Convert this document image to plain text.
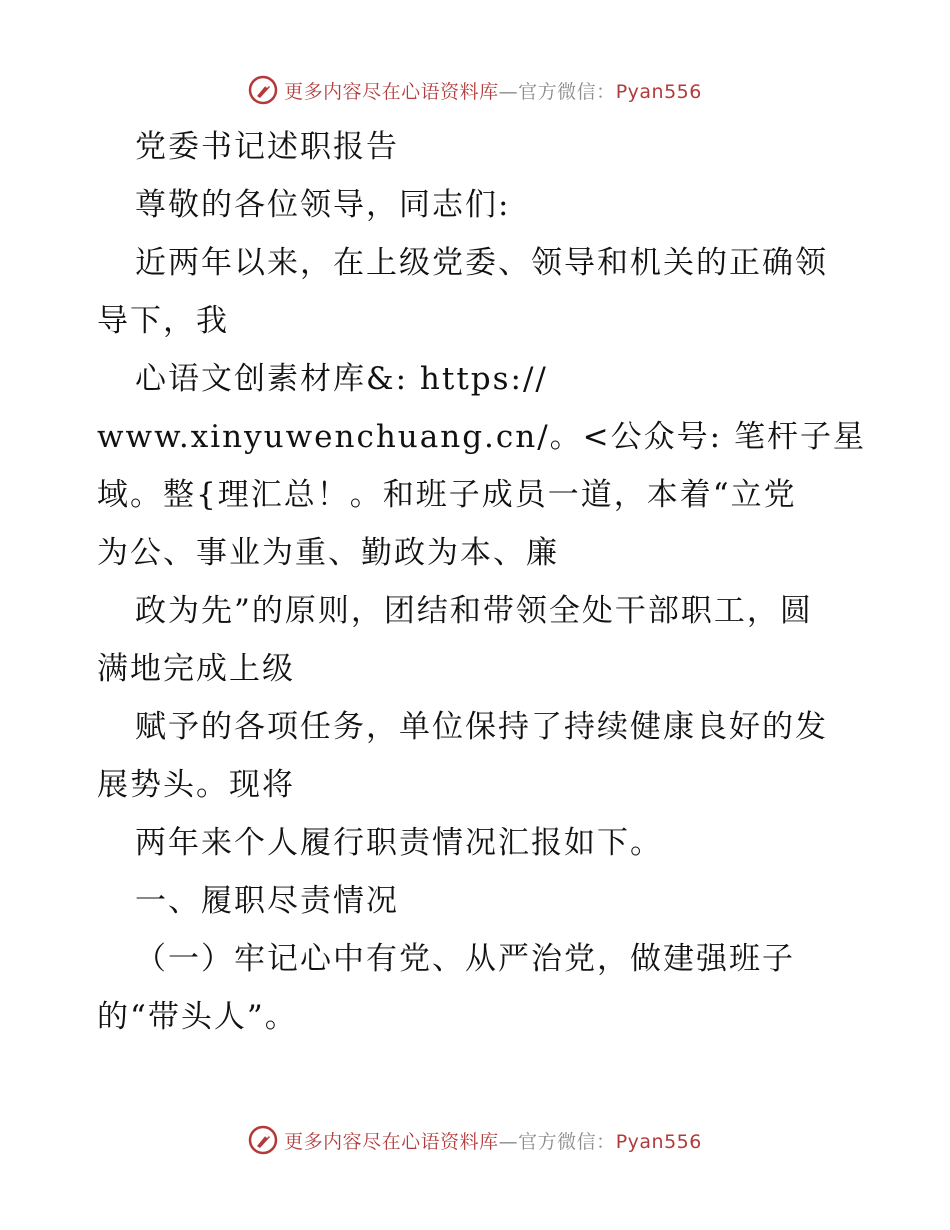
更多内容尽在心语资料库—官方微信：Pyan556
党委书记述职报告
尊敬的各位领导，同志们:
近两年以来，在上级党委、领导和机关的正确领
导下，我
心语文创素材库&: https://
www.xinyuwenchuang.cn/。<公众号: 笔杆子星
域。整{理汇总！。和班子成员一道，本着“立党
为公、事业为重、勤政为本、廉
政为先”的原则，团结和带领全处干部职工，圆
满地完成上级
赋予的各项任务，单位保持了持续健康良好的发
展势头。现将
两年来个人履行职责情况汇报如下。
一、履职尽责情况
（一）牢记心中有党、从严治党，做建强班子
的“带头人”。
更多内容尽在心语资料库—官方微信：Pyan556
